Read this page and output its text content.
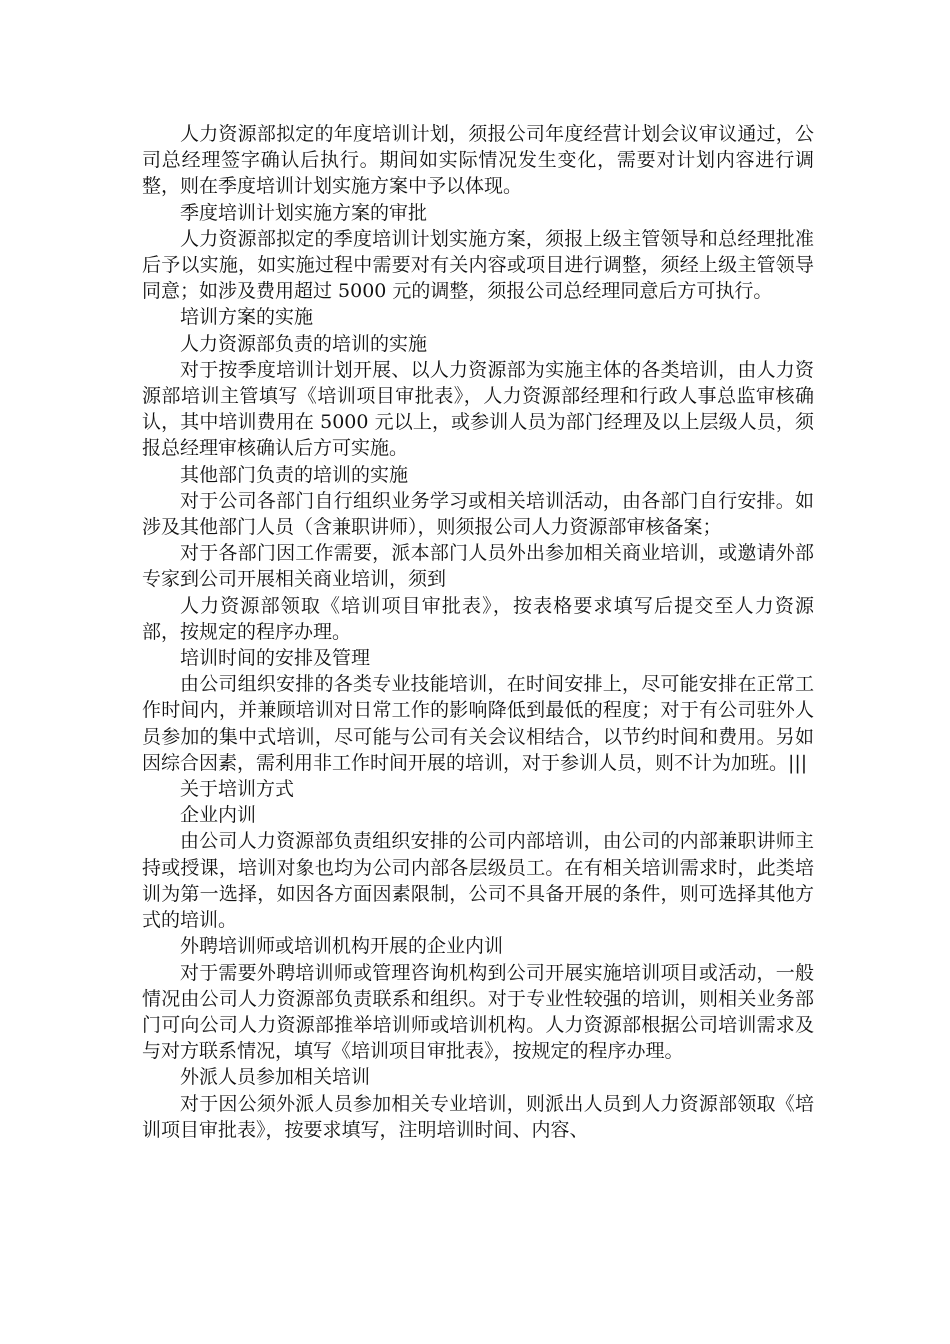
人力资源部拟定的年度培训计划，须报公司年度经营计划会议审议通过，公司总经理签字确认后执行。期间如实际情况发生变化，需要对计划内容进行调整，则在季度培训计划实施方案中予以体现。

季度培训计划实施方案的审批

人力资源部拟定的季度培训计划实施方案，须报上级主管领导和总经理批准后予以实施，如实施过程中需要对有关内容或项目进行调整，须经上级主管领导同意；如涉及费用超过 5000 元的调整，须报公司总经理同意后方可执行。

培训方案的实施

人力资源部负责的培训的实施

对于按季度培训计划开展、以人力资源部为实施主体的各类培训，由人力资源部培训主管填写《培训项目审批表》，人力资源部经理和行政人事总监审核确认，其中培训费用在 5000 元以上，或参训人员为部门经理及以上层级人员，须报总经理审核确认后方可实施。

其他部门负责的培训的实施

对于公司各部门自行组织业务学习或相关培训活动，由各部门自行安排。如涉及其他部门人员（含兼职讲师），则须报公司人力资源部审核备案；

对于各部门因工作需要，派本部门人员外出参加相关商业培训，或邀请外部专家到公司开展相关商业培训，须到

人力资源部领取《培训项目审批表》，按表格要求填写后提交至人力资源部，按规定的程序办理。

培训时间的安排及管理

由公司组织安排的各类专业技能培训，在时间安排上，尽可能安排在正常工作时间内，并兼顾培训对日常工作的影响降低到最低的程度；对于有公司驻外人员参加的集中式培训，尽可能与公司有关会议相结合，以节约时间和费用。另如因综合因素，需利用非工作时间开展的培训，对于参训人员，则不计为加班。|||

关于培训方式

企业内训

由公司人力资源部负责组织安排的公司内部培训，由公司的内部兼职讲师主持或授课，培训对象也均为公司内部各层级员工。在有相关培训需求时，此类培训为第一选择，如因各方面因素限制，公司不具备开展的条件，则可选择其他方式的培训。

外聘培训师或培训机构开展的企业内训

对于需要外聘培训师或管理咨询机构到公司开展实施培训项目或活动，一般情况由公司人力资源部负责联系和组织。对于专业性较强的培训，则相关业务部门可向公司人力资源部推举培训师或培训机构。人力资源部根据公司培训需求及与对方联系情况，填写《培训项目审批表》，按规定的程序办理。

外派人员参加相关培训

对于因公须外派人员参加相关专业培训，则派出人员到人力资源部领取《培训项目审批表》，按要求填写，注明培训时间、内容、
